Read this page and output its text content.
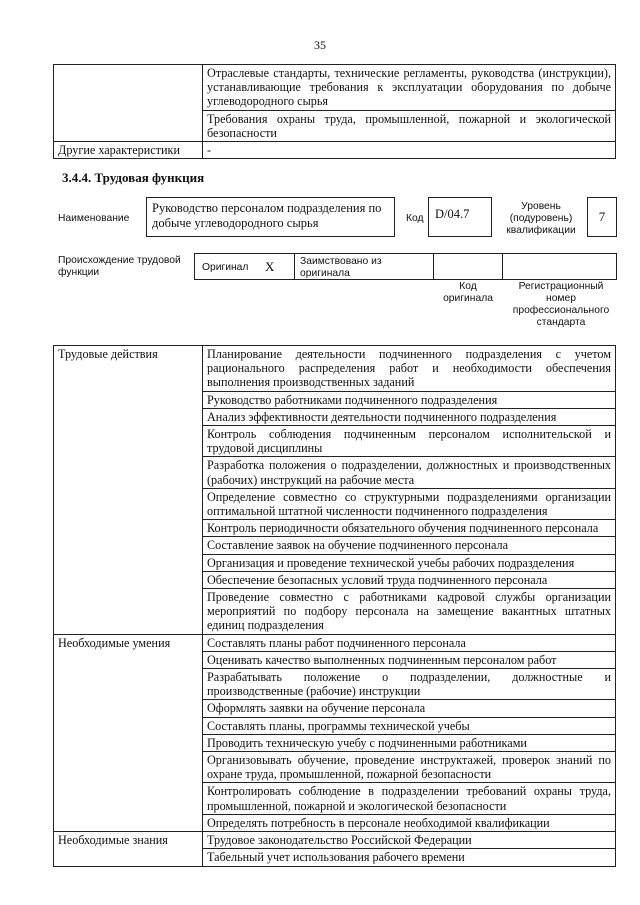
35
	Отраслевые стандарты, технические регламенты, руководства (инструкции), устанавливающие требования к эксплуатации оборудования по добыче углеводородного сырья
	Требования охраны труда, промышленной, пожарной и экологической безопасности
Другие характеристики	-
3.4.4. Трудовая функция
Наименование
Руководство персоналом подразделения по добыче углеводородного сырья	Код D/04.7
Уровень (подуровень) квалификации
7
Происхождение трудовой функции	Оригинал X Заимствовано из оригинала
Код оригинала
Регистрационный номер профессионального стандарта
Трудовые действия	Планирование деятельности подчиненного подразделения с учетом рационального распределения работ и необходимости обеспечения выполнения производственных заданий
	Руководство работниками подчиненного подразделения
	Анализ эффективности деятельности подчиненного подразделения
	Контроль соблюдения подчиненным персоналом исполнительской и трудовой дисциплины
	Разработка положения о подразделении, должностных и производственных (рабочих) инструкций на рабочие места
	Определение совместно со структурными подразделениями организации оптимальной штатной численности подчиненного подразделения
	Контроль периодичности обязательного обучения подчиненного персонала
	Составление заявок на обучение подчиненного персонала
	Организация и проведение технической учебы рабочих подразделения
	Обеспечение безопасных условий труда подчиненного персонала
	Проведение совместно с работниками кадровой службы организации мероприятий по подбору персонала на замещение вакантных штатных единиц подразделения
Необходимые умения	Составлять планы работ подчиненного персонала
	Оценивать качество выполненных подчиненным персоналом работ
	Разрабатывать положение о подразделении, должностные и производственные (рабочие) инструкции
	Оформлять заявки на обучение персонала
	Составлять планы, программы технической учебы
	Проводить техническую учебу с подчиненными работниками
	Организовывать обучение, проведение инструктажей, проверок знаний по охране труда, промышленной, пожарной безопасности
	Контролировать соблюдение в подразделении требований охраны труда, промышленной, пожарной и экологической безопасности
	Определять потребность в персонале необходимой квалификации
Необходимые знания	Трудовое законодательство Российской Федерации
	Табельный учет использования рабочего времени
